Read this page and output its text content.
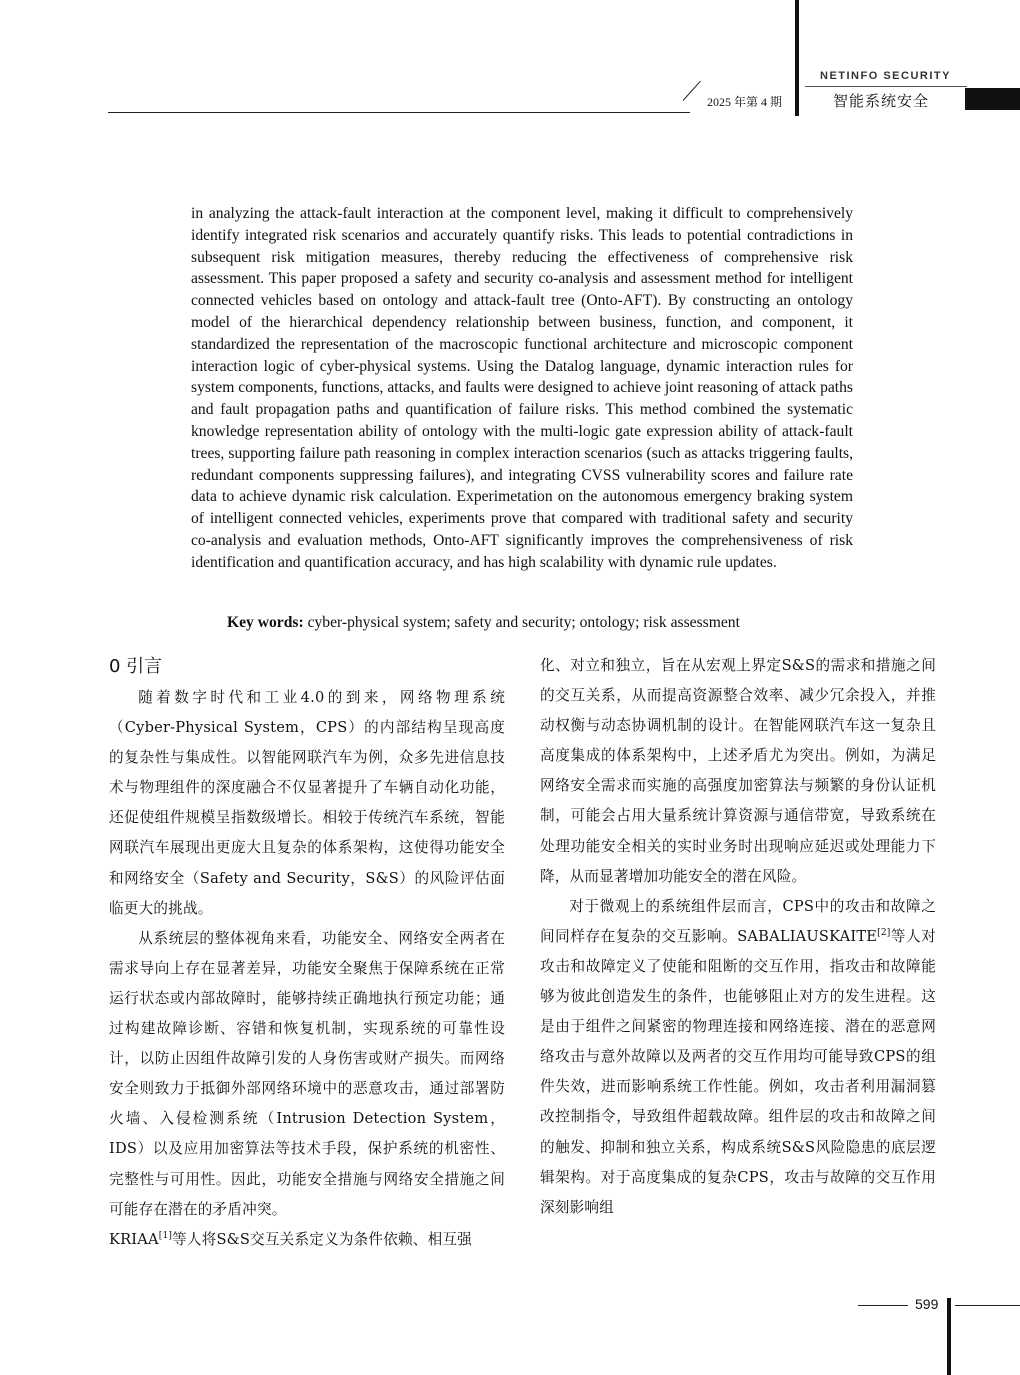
2025 年第 4 期
NETINFO SECURITY
智能系统安全

in analyzing the attack-fault interaction at the component level, making it difficult to comprehensively identify integrated risk scenarios and accurately quantify risks. This leads to potential contradictions in subsequent risk mitigation measures, thereby reducing the effectiveness of comprehensive risk assessment. This paper proposed a safety and security co-analysis and assessment method for intelligent connected vehicles based on ontology and attack-fault tree (Onto-AFT). By constructing an ontology model of the hierarchical dependency relationship between business, function, and component, it standardized the representation of the macroscopic functional architecture and microscopic component interaction logic of cyber-physical systems. Using the Datalog language, dynamic interaction rules for system components, functions, attacks, and faults were designed to achieve joint reasoning of attack paths and fault propagation paths and quantification of failure risks. This method combined the systematic knowledge representation ability of ontology with the multi-logic gate expression ability of attack-fault trees, supporting failure path reasoning in complex interaction scenarios (such as attacks triggering faults, redundant components suppressing failures), and integrating CVSS vulnerability scores and failure rate data to achieve dynamic risk calculation. Experimetation on the autonomous emergency braking system of intelligent connected vehicles, experiments prove that compared with traditional safety and security co-analysis and evaluation methods, Onto-AFT significantly improves the comprehensiveness of risk identification and quantification accuracy, and has high scalability with dynamic rule updates.

Key words: cyber-physical system; safety and security; ontology; risk assessment
0 引言

随着数字时代和工业4.0的到来，网络物理系统（Cyber-Physical System，CPS）的内部结构呈现高度的复杂性与集成性。以智能网联汽车为例，众多先进信息技术与物理组件的深度融合不仅显著提升了车辆自动化功能，还促使组件规模呈指数级增长。相较于传统汽车系统，智能网联汽车展现出更庞大且复杂的体系架构，这使得功能安全和网络安全（Safety and Security，S&S）的风险评估面临更大的挑战。

从系统层的整体视角来看，功能安全、网络安全两者在需求导向上存在显著差异，功能安全聚焦于保障系统在正常运行状态或内部故障时，能够持续正确地执行预定功能；通过构建故障诊断、容错和恢复机制，实现系统的可靠性设计，以防止因组件故障引发的人身伤害或财产损失。而网络安全则致力于抵御外部网络环境中的恶意攻击，通过部署防火墙、入侵检测系统（Intrusion Detection System，IDS）以及应用加密算法等技术手段，保护系统的机密性、完整性与可用性。因此，功能安全措施与网络安全措施之间可能存在潜在的矛盾冲突。

KRIAA[1]等人将S&S交互关系定义为条件依赖、相互强

化、对立和独立，旨在从宏观上界定S&S的需求和措施之间的交互关系，从而提高资源整合效率、减少冗余投入，并推动权衡与动态协调机制的设计。在智能网联汽车这一复杂且高度集成的体系架构中，上述矛盾尤为突出。例如，为满足网络安全需求而实施的高强度加密算法与频繁的身份认证机制，可能会占用大量系统计算资源与通信带宽，导致系统在处理功能安全相关的实时业务时出现响应延迟或处理能力下降，从而显著增加功能安全的潜在风险。

对于微观上的系统组件层而言，CPS中的攻击和故障之间同样存在复杂的交互影响。SABALIAUSKAITE[2]等人对攻击和故障定义了使能和阻断的交互作用，指攻击和故障能够为彼此创造发生的条件，也能够阻止对方的发生进程。这是由于组件之间紧密的物理连接和网络连接、潜在的恶意网络攻击与意外故障以及两者的交互作用均可能导致CPS的组件失效，进而影响系统工作性能。例如，攻击者利用漏洞篡改控制指令，导致组件超载故障。组件层的攻击和故障之间的触发、抑制和独立关系，构成系统S&S风险隐患的底层逻辑架构。对于高度集成的复杂CPS，攻击与故障的交互作用深刻影响组

599
